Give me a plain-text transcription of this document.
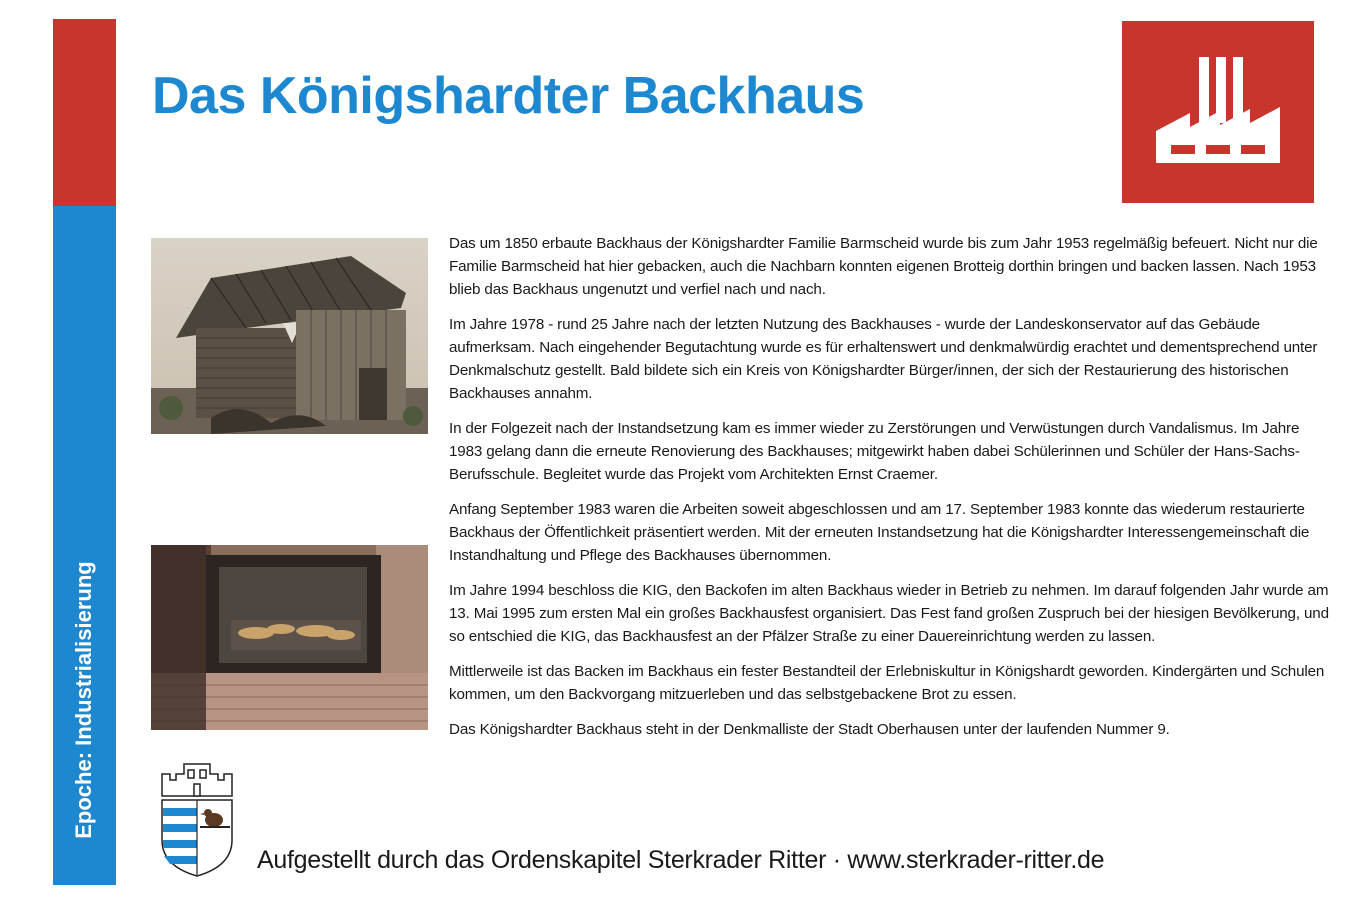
Epoche: Industrialisierung
Das Königshardter Backhaus

Das um 1850 erbaute Backhaus der Königshardter Familie Barmscheid wurde bis zum Jahr 1953 regelmäßig befeuert. Nicht nur die Familie Barmscheid hat hier gebacken, auch die Nachbarn konnten eigenen Brotteig dorthin bringen und backen lassen. Nach 1953 blieb das Backhaus ungenutzt und verfiel nach und nach.

Im Jahre 1978 - rund 25 Jahre nach der letzten Nutzung des Backhauses - wurde der Landeskonservator auf das Gebäude aufmerksam. Nach eingehender Begutachtung wurde es für erhaltenswert und denkmalwürdig erachtet und dementsprechend unter Denkmalschutz gestellt. Bald bildete sich ein Kreis von Königshardter Bürger/innen, der sich der Restaurierung des historischen Backhauses annahm.

In der Folgezeit nach der Instandsetzung kam es immer wieder zu Zerstörungen und Verwüstungen durch Vandalismus. Im Jahre 1983 gelang dann die erneute Renovierung des Backhauses; mitgewirkt haben dabei Schülerinnen und Schüler der Hans-Sachs-Berufsschule. Begleitet wurde das Projekt vom Architekten Ernst Craemer.

Anfang September 1983 waren die Arbeiten soweit abgeschlossen und am 17. September 1983 konnte das wiederum restaurierte Backhaus der Öffentlichkeit präsentiert werden. Mit der erneuten Instandsetzung hat die Königshardter Interessengemeinschaft die Instandhaltung und Pflege des Backhauses übernommen.

Im Jahre 1994 beschloss die KIG, den Backofen im alten Backhaus wieder in Betrieb zu nehmen. Im darauf folgenden Jahr wurde am 13. Mai 1995 zum ersten Mal ein großes Backhausfest organisiert. Das Fest fand großen Zuspruch bei der hiesigen Bevölkerung, und so entschied die KIG, das Backhausfest an der Pfälzer Straße zu einer Dauereinrichtung werden zu lassen.

Mittlerweile ist das Backen im Backhaus ein fester Bestandteil der Erlebniskultur in Königshardt geworden. Kindergärten und Schulen kommen, um den Backvorgang mitzuerleben und das selbstgebackene Brot zu essen.

Das Königshardter Backhaus steht in der Denkmalliste der Stadt Oberhausen unter der laufenden Nummer 9.

Aufgestellt durch das Ordenskapitel Sterkrader Ritter · www.sterkrader-ritter.de
